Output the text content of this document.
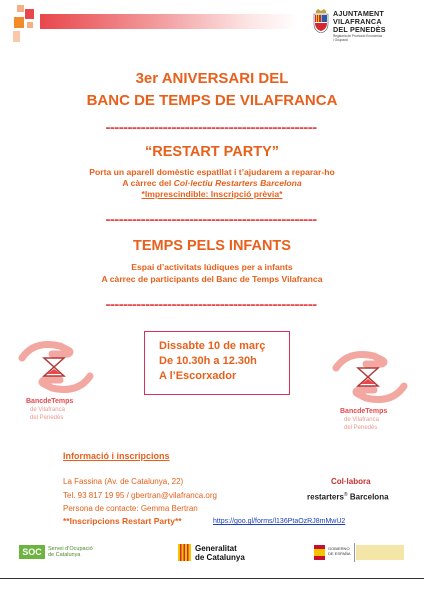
AJUNTAMENT
VILAFRANCA
DEL PENEDÈS
Regidoria de Promoció Econòmica
i Ocupació
3er ANIVERSARI DEL
BANC DE TEMPS DE VILAFRANCA
------------------------------------------------
“RESTART PARTY”
Porta un aparell domèstic espatllat i t’ajudarem a reparar-ho
A càrrec del Col·lectiu Restarters Barcelona
*Imprescindible: Inscripció prèvia*
------------------------------------------------
TEMPS PELS INFANTS
Espai d’activitats lúdiques per a infants
A càrrec de participants del Banc de Temps Vilafranca
------------------------------------------------
Dissabte 10 de març
De 10.30h a 12.30h
A l’Escorxador
BancdeTemps
de Vilafranca
del Penedès
BancdeTemps
de Vilafranca
del Penedès
Informació i inscripcions
La Fassina (Av. de Catalunya, 22)
Tel. 93 817 19 95 / gbertran@vilafranca.org
Persona de contacte: Gemma Bertran
**Inscripcions Restart Party**	https://goo.gl/forms/l136PtaOzRJ8mMwU2
Col·labora
restarters® Barcelona
SOC	Servei d’Ocupació
de Catalunya
Generalitat
de Catalunya
GOBIERNO
DE ESPAÑA
